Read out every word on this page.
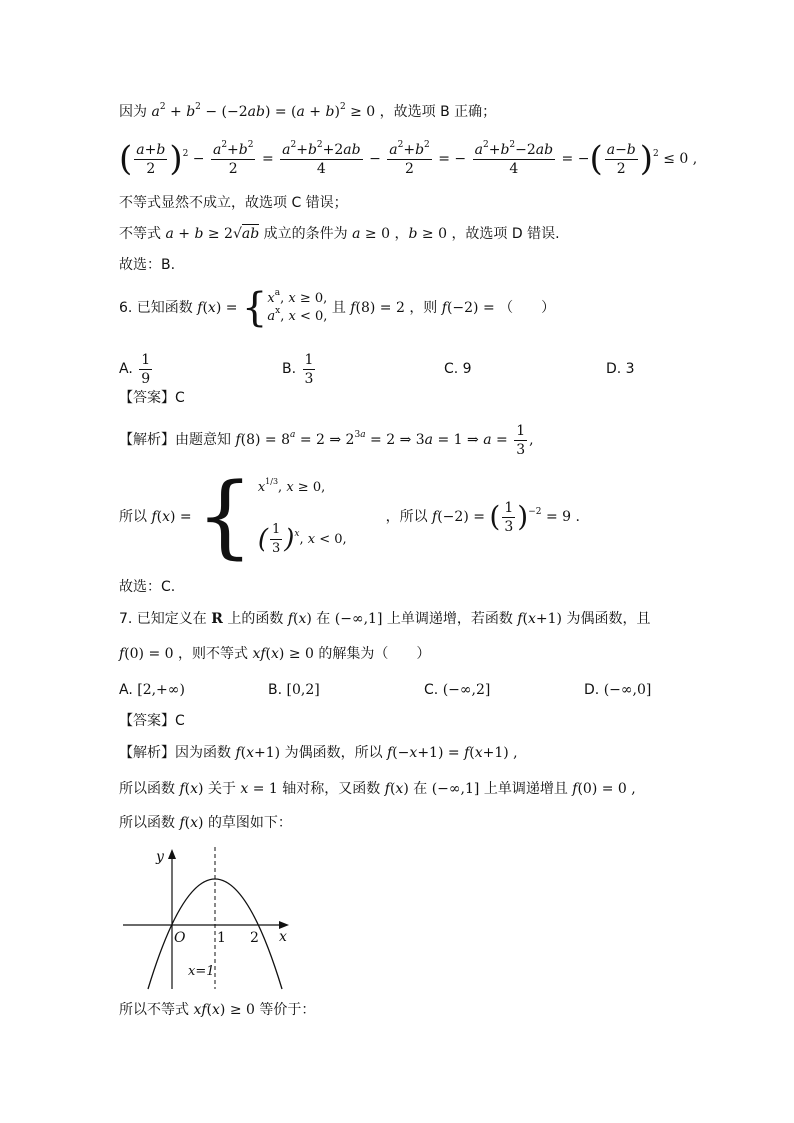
因为 $a^2 + b^2 - (-2ab) = (a + b)^2 \ge 0$ ，故选项 B 正确；
( $\frac{a+b}{2} )^2 - \frac{a^2+b^2}{2} = \frac{a^2+b^2+2ab}{4} - \frac{a^2+b^2}{2}$ = − $\frac{a^2+b^2-2ab}{4}$ = −( $\frac{a-b}{2} )^2 \le 0$ ,
不等式显然不成立，故选项 C 错误；
不等式 a + b ≥ 2√ab 成立的条件为 a ≥ 0 ，b ≥ 0 ，故选项 D 错误.
故选：B.
6. 已知函数 f(x) = { $x^a$, x ≥ 0,
$a^x$, x < 0,
且 f(8) = 2 ，则 f(−2) = （　　）
A. $\frac{1}{9}$	B. $\frac{1}{3}$	C. 9	D. 3
【答案】C
【解析】由题意知 $f(8) = 8^a = 2$ ⇒ $2^{3a} = 2$ ⇒ 3a = 1 ⇒ $a = \frac{1}{3}$ ,
所以 f(x) = { $x^{1/3}$, x ≥ 0,
( $\frac{1}{3} )^x$, x < 0,
，所以 f(−2) = ( $\frac{1}{3} )^{-2} = 9$ .
故选：C.
7. 已知定义在 R 上的函数 f(x) 在 (−∞,1] 上单调递增，若函数 f(x+1) 为偶函数，且
f(0) = 0 ，则不等式 xf(x) ≥ 0 的解集为（　　）
A. [2,+∞)	B. [0,2]	C. (−∞,2]	D. (−∞,0]
【答案】C
【解析】因为函数 f(x+1) 为偶函数，所以 f(−x+1) = f(x+1) ,
所以函数 f(x) 关于 x = 1 轴对称，又函数 f(x) 在 (−∞,1] 上单调递增且 f(0) = 0 ,
所以函数 f(x) 的草图如下：
y
x
O 1 2
x=1
所以不等式 xf(x) ≥ 0 等价于：
